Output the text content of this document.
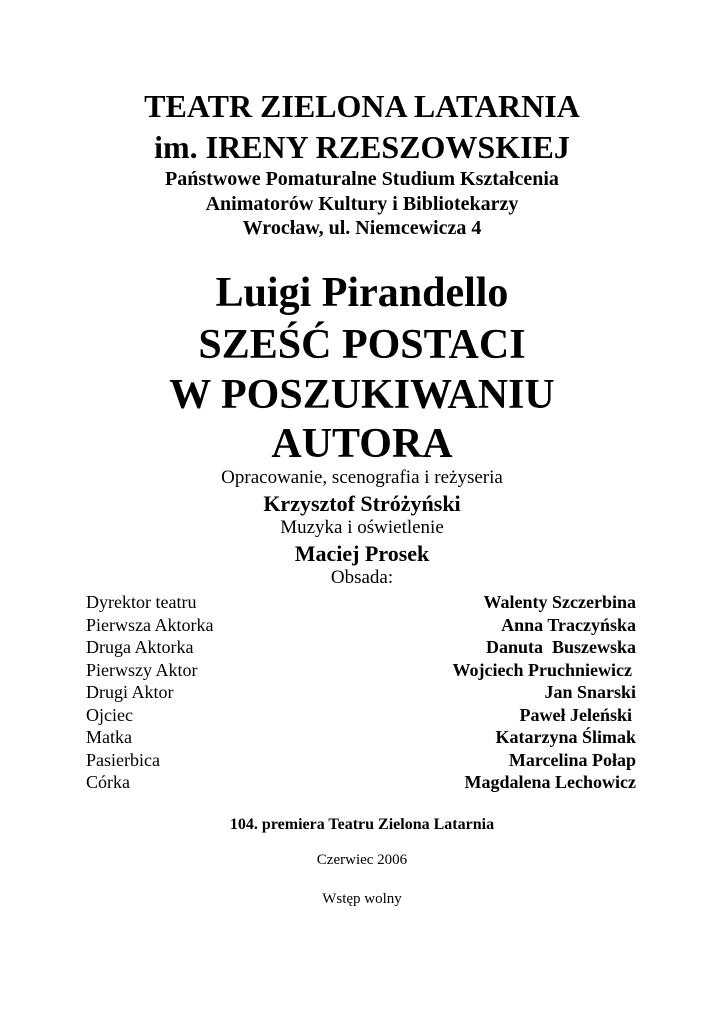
TEATR ZIELONA LATARNIA
im. IRENY RZESZOWSKIEJ
Państwowe Pomaturalne Studium Kształcenia
Animatorów Kultury i Bibliotekarzy
Wrocław, ul. Niemcewicza 4
Luigi Pirandello
SZEŚĆ POSTACI
W POSZUKIWANIU
AUTORA
Opracowanie, scenografia i reżyseria
Krzysztof Stróżyński
Muzyka i oświetlenie
Maciej Prosek
Obsada:
Dyrektor teatru	Walenty Szczerbina
Pierwsza Aktorka	Anna Traczyńska
Druga Aktorka	Danuta  Buszewska
Pierwszy Aktor	Wojciech Pruchniewicz
Drugi Aktor	Jan Snarski
Ojciec	Paweł Jeleński
Matka	Katarzyna Ślimak
Pasierbica	Marcelina Połap
Córka	Magdalena Lechowicz
104. premiera Teatru Zielona Latarnia
Czerwiec 2006
Wstęp wolny
